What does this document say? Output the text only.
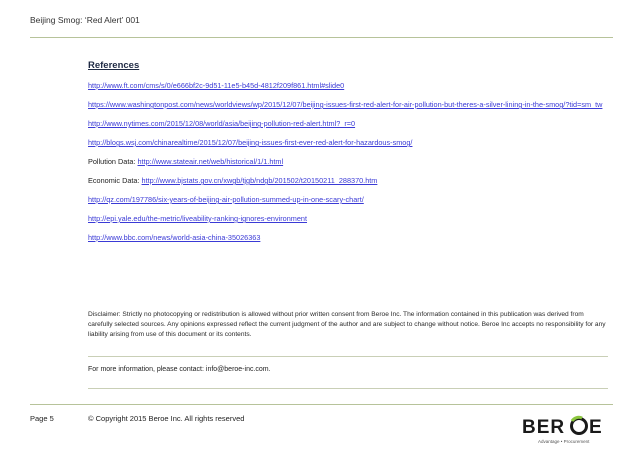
Beijing Smog: ‘Red Alert’ 001
References
http://www.ft.com/cms/s/0/e666bf2c-9d51-11e5-b45d-4812f209f861.html#slide0
https://www.washingtonpost.com/news/worldviews/wp/2015/12/07/beijing-issues-first-red-alert-for-air-pollution-but-theres-a-silver-lining-in-the-smog/?tid=sm_tw
http://www.nytimes.com/2015/12/08/world/asia/beijing-pollution-red-alert.html?_r=0
http://blogs.wsj.com/chinarealtime/2015/12/07/beijing-issues-first-ever-red-alert-for-hazardous-smog/
Pollution Data: http://www.stateair.net/web/historical/1/1.html
Economic Data: http://www.bjstats.gov.cn/xwgb/tjgb/ndgb/201502/t20150211_288370.htm
http://qz.com/197786/six-years-of-beijing-air-pollution-summed-up-in-one-scary-chart/
http://epi.yale.edu/the-metric/liveability-ranking-ignores-environment
http://www.bbc.com/news/world-asia-china-35026363
Disclaimer: Strictly no photocopying or redistribution is allowed without prior written consent from Beroe Inc. The information contained in this publication was derived from carefully selected sources. Any opinions expressed reflect the current judgment of the author and are subject to change without notice. Beroe Inc accepts no responsibility for any liability arising from use of this document or its contents.
For more information, please contact: info@beroe-inc.com.
Page 5	© Copyright 2015 Beroe Inc. All rights reserved	BER E
Advantage • Procurement
